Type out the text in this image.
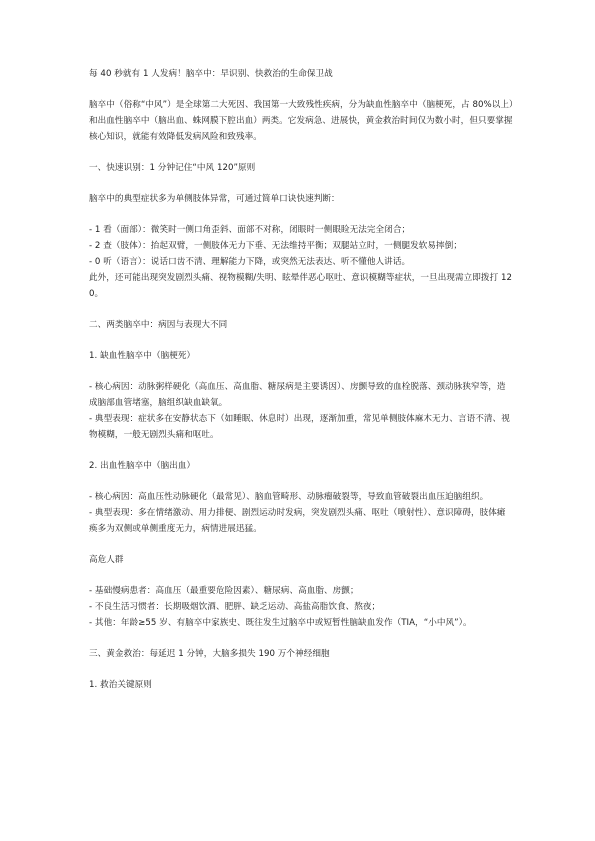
每 40 秒就有 1 人发病！脑卒中：早识别、快救治的生命保卫战

脑卒中（俗称“中风”）是全球第二大死因、我国第一大致残性疾病，分为缺血性脑卒中（脑梗死，占 80%以上）和出血性脑卒中（脑出血、蛛网膜下腔出血）两类。它发病急、进展快，黄金救治时间仅为数小时，但只要掌握核心知识，就能有效降低发病风险和致残率。

一、快速识别：1 分钟记住“中风 120”原则

脑卒中的典型症状多为单侧肢体异常，可通过简单口诀快速判断：

- 1 看（面部）：微笑时一侧口角歪斜、面部不对称，闭眼时一侧眼睑无法完全闭合；

- 2 查（肢体）：抬起双臂，一侧肢体无力下垂、无法维持平衡；双腿站立时，一侧腿发软易摔倒；

- 0 听（语言）：说话口齿不清、理解能力下降，或突然无法表达、听不懂他人讲话。

此外，还可能出现突发剧烈头痛、视物模糊/失明、眩晕伴恶心呕吐、意识模糊等症状，一旦出现需立即拨打 120。

二、两类脑卒中：病因与表现大不同

1. 缺血性脑卒中（脑梗死）

- 核心病因：动脉粥样硬化（高血压、高血脂、糖尿病是主要诱因）、房颤导致的血栓脱落、颈动脉狭窄等，造成脑部血管堵塞，脑组织缺血缺氧。

- 典型表现：症状多在安静状态下（如睡眠、休息时）出现，逐渐加重，常见单侧肢体麻木无力、言语不清、视物模糊，一般无剧烈头痛和呕吐。

2. 出血性脑卒中（脑出血）

- 核心病因：高血压性动脉硬化（最常见）、脑血管畸形、动脉瘤破裂等，导致血管破裂出血压迫脑组织。

- 典型表现：多在情绪激动、用力排便、剧烈运动时发病，突发剧烈头痛、呕吐（喷射性）、意识障碍，肢体瘫痪多为双侧或单侧重度无力，病情进展迅猛。

高危人群

- 基础慢病患者：高血压（最重要危险因素）、糖尿病、高血脂、房颤；

- 不良生活习惯者：长期吸烟饮酒、肥胖、缺乏运动、高盐高脂饮食、熬夜；

- 其他：年龄≥55 岁、有脑卒中家族史、既往发生过脑卒中或短暂性脑缺血发作（TIA，“小中风”）。

三、黄金救治：每延迟 1 分钟，大脑多损失 190 万个神经细胞

1. 救治关键原则
